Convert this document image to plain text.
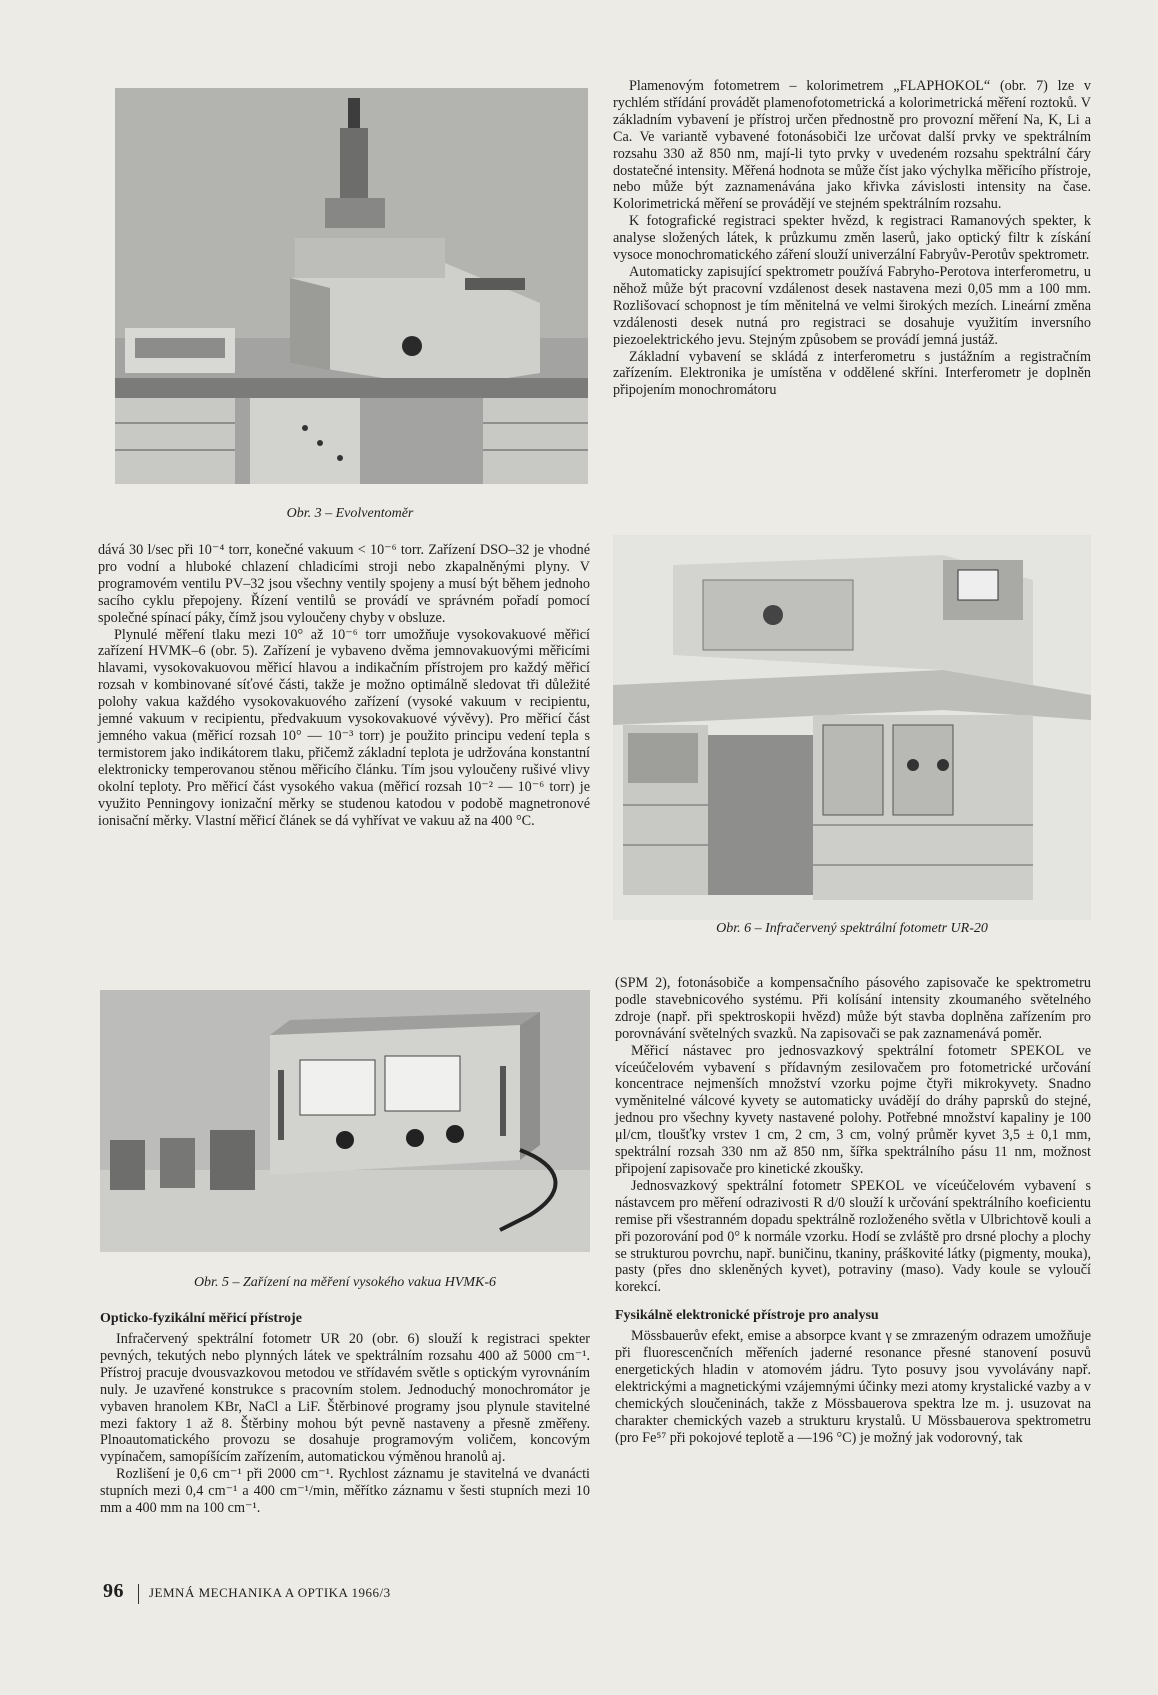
Obr. 3 – Evolventoměr

dává 30 l/sec při 10⁻⁴ torr, konečné vakuum < 10⁻⁶ torr. Zařízení DSO–32 je vhodné pro vodní a hluboké chlazení chladicími stroji nebo zkapalněnými plyny. V programovém ventilu PV–32 jsou všechny ventily spojeny a musí být během jednoho sacího cyklu přepojeny. Řízení ventilů se provádí ve správném pořadí pomocí společné spínací páky, čímž jsou vyloučeny chyby v obsluze.

Plynulé měření tlaku mezi 10° až 10⁻⁶ torr umožňuje vysokovakuové měřicí zařízení HVMK–6 (obr. 5). Zařízení je vybaveno dvěma jemnovakuovými měřicími hlavami, vysokovakuovou měřicí hlavou a indikačním přístrojem pro každý měřicí rozsah v kombinované síťové části, takže je možno optimálně sledovat tři důležité polohy vakua každého vysokovakuového zařízení (vysoké vakuum v recipientu, jemné vakuum v recipientu, předvakuum vysokovakuové vývěvy). Pro měřicí část jemného vakua (měřicí rozsah 10° — 10⁻³ torr) je použito principu vedení tepla s termistorem jako indikátorem tlaku, přičemž základní teplota je udržována konstantní elektronicky temperovanou stěnou měřicího článku. Tím jsou vyloučeny rušivé vlivy okolní teploty. Pro měřicí část vysokého vakua (měřicí rozsah 10⁻² — 10⁻⁶ torr) je využito Penningovy ionizační měrky se studenou katodou v podobě magnetronové ionisační měrky. Vlastní měřicí článek se dá vyhřívat ve vakuu až na 400 °C.

Obr. 5 – Zařízení na měření vysokého vakua HVMK-6
Opticko-fyzikální měřicí přístroje

Infračervený spektrální fotometr UR 20 (obr. 6) slouží k registraci spekter pevných, tekutých nebo plynných látek ve spektrálním rozsahu 400 až 5000 cm⁻¹. Přístroj pracuje dvousvazkovou metodou ve střídavém světle s optickým vyrovnáním nuly. Je uzavřené konstrukce s pracovním stolem. Jednoduchý monochromátor je vybaven hranolem KBr, NaCl a LiF. Štěrbinové programy jsou plynule stavitelné mezi faktory 1 až 8. Štěrbiny mohou být pevně nastaveny a přesně změřeny. Plnoautomatického provozu se dosahuje programovým voličem, koncovým vypínačem, samopíšícím zařízením, automatickou výměnou hranolů aj.

Rozlišení je 0,6 cm⁻¹ při 2000 cm⁻¹. Rychlost záznamu je stavitelná ve dvanácti stupních mezi 0,4 cm⁻¹ a 400 cm⁻¹/min, měřítko záznamu v šesti stupních mezi 10 mm a 400 mm na 100 cm⁻¹.

Plamenovým fotometrem – kolorimetrem „FLAPHOKOL“ (obr. 7) lze v rychlém střídání provádět plamenofotometrická a kolorimetrická měření roztoků. V základním vybavení je přístroj určen přednostně pro provozní měření Na, K, Li a Ca. Ve variantě vybavené fotonásobiči lze určovat další prvky ve spektrálním rozsahu 330 až 850 nm, mají-li tyto prvky v uvedeném rozsahu spektrální čáry dostatečné intensity. Měřená hodnota se může číst jako výchylka měřicího přístroje, nebo může být zaznamenávána jako křivka závislosti intensity na čase. Kolorimetrická měření se provádějí ve stejném spektrálním rozsahu.

K fotografické registraci spekter hvězd, k registraci Ramanových spekter, k analyse složených látek, k průzkumu změn laserů, jako optický filtr k získání vysoce monochromatického záření slouží univerzální Fabryův-Perotův spektrometr.

Automaticky zapisující spektrometr používá Fabryho-Perotova interferometru, u něhož může být pracovní vzdálenost desek nastavena mezi 0,05 mm a 100 mm. Rozlišovací schopnost je tím měnitelná ve velmi širokých mezích. Lineární změna vzdálenosti desek nutná pro registraci se dosahuje využitím inversního piezoelektrického jevu. Stejným způsobem se provádí jemná justáž.

Základní vybavení se skládá z interferometru s justážním a registračním zařízením. Elektronika je umístěna v oddělené skříni. Interferometr je doplněn připojením monochromátoru

Obr. 6 – Infračervený spektrální fotometr UR-20

(SPM 2), fotonásobiče a kompensačního pásového zapisovače ke spektrometru podle stavebnicového systému. Při kolísání intensity zkoumaného světelného zdroje (např. při spektroskopii hvězd) může být stavba doplněna zařízením pro porovnávání světelných svazků. Na zapisovači se pak zaznamenává poměr.

Měřicí nástavec pro jednosvazkový spektrální fotometr SPEKOL ve víceúčelovém vybavení s přídavným zesilovačem pro fotometrické určování koncentrace nejmenších množství vzorku pojme čtyři mikrokyvety. Snadno vyměnitelné válcové kyvety se automaticky uvádějí do dráhy paprsků do stejné, jednou pro všechny kyvety nastavené polohy. Potřebné množství kapaliny je 100 μl/cm, tloušťky vrstev 1 cm, 2 cm, 3 cm, volný průměr kyvet 3,5 ± 0,1 mm, spektrální rozsah 330 nm až 850 nm, šířka spektrálního pásu 11 nm, možnost připojení zapisovače pro kinetické zkoušky.

Jednosvazkový spektrální fotometr SPEKOL ve víceúčelovém vybavení s nástavcem pro měření odrazivosti R d/0 slouží k určování spektrálního koeficientu remise při všestranném dopadu spektrálně rozloženého světla v Ulbrichtově kouli a při pozorování pod 0° k normále vzorku. Hodí se zvláště pro drsné plochy a plochy se strukturou povrchu, např. buničinu, tkaniny, práškovité látky (pigmenty, mouka), pasty (přes dno skleněných kyvet), potraviny (maso). Vady koule se vyloučí korekcí.

Fysikálně elektronické přístroje pro analysu

Mössbauerův efekt, emise a absorpce kvant γ se zmrazeným odrazem umožňuje při fluorescenčních měřeních jaderné resonance přesné stanovení posuvů energetických hladin v atomovém jádru. Tyto posuvy jsou vyvolávány např. elektrickými a magnetickými vzájemnými účinky mezi atomy krystalické vazby a v chemických sloučeninách, takže z Mössbauerova spektra lze m. j. usuzovat na charakter chemických vazeb a strukturu krystalů. U Mössbauerova spektrometru (pro Fe⁵⁷ při pokojové teplotě a —196 °C) je možný jak vodorovný, tak

96 JEMNÁ MECHANIKA A OPTIKA 1966/3
